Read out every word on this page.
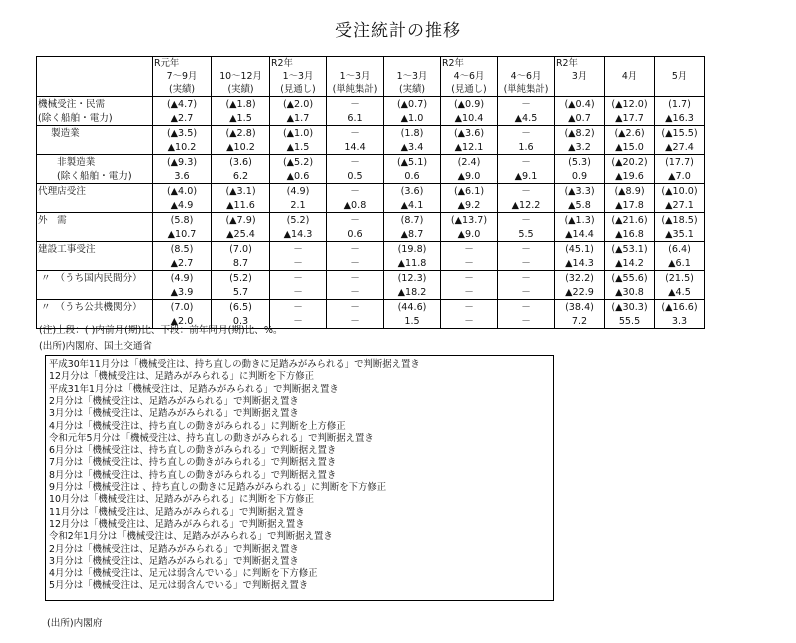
受注統計の推移
	R元年		R2年			R2年		R2年		
	7～9月	10～12月	1～3月	1～3月	1～3月	4～6月	4～6月	3月	4月	5月
	(実績)	(実績)	(見通し)	(単純集計)	(実績)	(見通し)	(単純集計)			
機械受注・民需	(▲4.7)	(▲1.8)	(▲2.0)	－	(▲0.7)	(▲0.9)	－	(▲0.4)	(▲12.0)	(1.7)
(除く船舶・電力)	▲2.7	▲1.5	▲1.7	6.1	▲1.0	▲10.4	▲4.5	▲0.7	▲17.7	▲16.3
製造業	(▲3.5)	(▲2.8)	(▲1.0)	－	(1.8)	(▲3.6)	－	(▲8.2)	(▲2.6)	(▲15.5)
	▲10.2	▲10.2	▲1.5	14.4	▲3.4	▲12.1	1.6	▲3.2	▲15.0	▲27.4
非製造業	(▲9.3)	(3.6)	(▲5.2)	－	(▲5.1)	(2.4)	－	(5.3)	(▲20.2)	(17.7)
(除く船舶・電力)	3.6	6.2	▲0.6	0.5	0.6	▲9.0	▲9.1	0.9	▲19.6	▲7.0
代理店受注	(▲4.0)	(▲3.1)	(4.9)	－	(3.6)	(▲6.1)	－	(▲3.3)	(▲8.9)	(▲10.0)
	▲4.9	▲11.6	2.1	▲0.8	▲4.1	▲9.2	▲12.2	▲5.8	▲17.8	▲27.1
外　需	(5.8)	(▲7.9)	(5.2)	－	(8.7)	(▲13.7)	－	(▲1.3)	(▲21.6)	(▲18.5)
	▲10.7	▲25.4	▲14.3	0.6	▲8.7	▲9.0	5.5	▲14.4	▲16.8	▲35.1
建設工事受注	(8.5)	(7.0)	－	－	(19.8)	－	－	(45.1)	(▲53.1)	(6.4)
	▲2.7	8.7	－	－	▲11.8	－	－	▲14.3	▲14.2	▲6.1
〃　（うち国内民間分）	(4.9)	(5.2)	－	－	(12.3)	－	－	(32.2)	(▲55.6)	(21.5)
	▲3.9	5.7	－	－	▲18.2	－	－	▲22.9	▲30.8	▲4.5
〃　（うち公共機関分）	(7.0)	(6.5)	－	－	(44.6)	－	－	(38.4)	(▲30.3)	(▲16.6)
	▲2.0	0.3	－	－	1.5	－	－	7.2	55.5	3.3
(注)上段：( )内前月(期)比、下段：前年同月(期)比、%。
(出所)内閣府、国土交通省
平成30年11月分は「機械受注は、持ち直しの動きに足踏みがみられる」で判断据え置き
12月分は「機械受注は、足踏みがみられる」に判断を下方修正
平成31年1月分は「機械受注は、足踏みがみられる」で判断据え置き
2月分は「機械受注は、足踏みがみられる」で判断据え置き
3月分は「機械受注は、足踏みがみられる」で判断据え置き
4月分は「機械受注は、持ち直しの動きがみられる」に判断を上方修正
令和元年5月分は「機械受注は、持ち直しの動きがみられる」で判断据え置き
6月分は「機械受注は、持ち直しの動きがみられる」で判断据え置き
7月分は「機械受注は、持ち直しの動きがみられる」で判断据え置き
8月分は「機械受注は、持ち直しの動きがみられる」で判断据え置き
9月分は「機械受注は 、持ち直しの動きに足踏みがみられる」に判断を下方修正
10月分は「機械受注は、足踏みがみられる」に判断を下方修正
11月分は「機械受注は、足踏みがみられる」で判断据え置き
12月分は「機械受注は、足踏みがみられる」で判断据え置き
令和2年1月分は「機械受注は、足踏みがみられる」で判断据え置き
2月分は「機械受注は、足踏みがみられる」で判断据え置き
3月分は「機械受注は、足踏みがみられる」で判断据え置き
4月分は「機械受注は、足元は弱含んでいる」に判断を下方修正
5月分は「機械受注は、足元は弱含んでいる」で判断据え置き
(出所)内閣府
